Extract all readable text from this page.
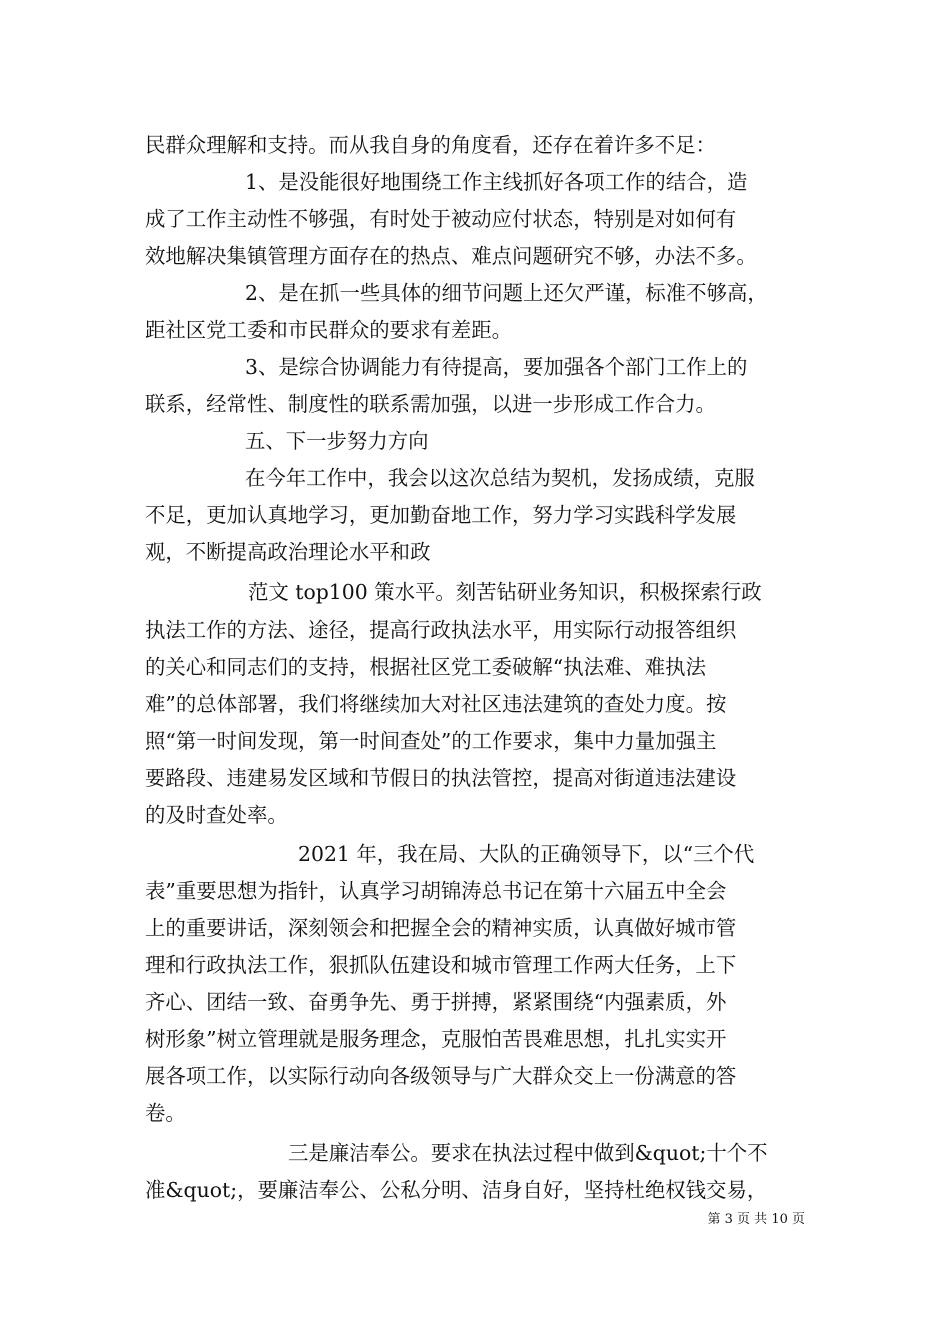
民群众理解和支持。而从我自身的角度看，还存在着许多不足：
1、是没能很好地围绕工作主线抓好各项工作的结合，造
成了工作主动性不够强，有时处于被动应付状态，特别是对如何有
效地解决集镇管理方面存在的热点、难点问题研究不够，办法不多。
2、是在抓一些具体的细节问题上还欠严谨，标准不够高，
距社区党工委和市民群众的要求有差距。
3、是综合协调能力有待提高，要加强各个部门工作上的
联系，经常性、制度性的联系需加强，以进一步形成工作合力。
五、下一步努力方向
在今年工作中，我会以这次总结为契机，发扬成绩，克服
不足，更加认真地学习，更加勤奋地工作，努力学习实践科学发展
观，不断提高政治理论水平和政
范文 top100 策水平。刻苦钻研业务知识，积极探索行政
执法工作的方法、途径，提高行政执法水平，用实际行动报答组织
的关心和同志们的支持，根据社区党工委破解“执法难、难执法
难”的总体部署，我们将继续加大对社区违法建筑的查处力度。按
照“第一时间发现，第一时间查处”的工作要求，集中力量加强主
要路段、违建易发区域和节假日的执法管控，提高对街道违法建设
的及时查处率。
2021 年，我在局、大队的正确领导下，以“三个代
表”重要思想为指针，认真学习胡锦涛总书记在第十六届五中全会
上的重要讲话，深刻领会和把握全会的精神实质，认真做好城市管
理和行政执法工作，狠抓队伍建设和城市管理工作两大任务，上下
齐心、团结一致、奋勇争先、勇于拼搏，紧紧围绕“内强素质，外
树形象”树立管理就是服务理念，克服怕苦畏难思想，扎扎实实开
展各项工作，以实际行动向各级领导与广大群众交上一份满意的答
卷。
三是廉洁奉公。要求在执法过程中做到&quot;十个不
准&quot;，要廉洁奉公、公私分明、洁身自好，坚持杜绝权钱交易，
第 3 页 共 10 页
